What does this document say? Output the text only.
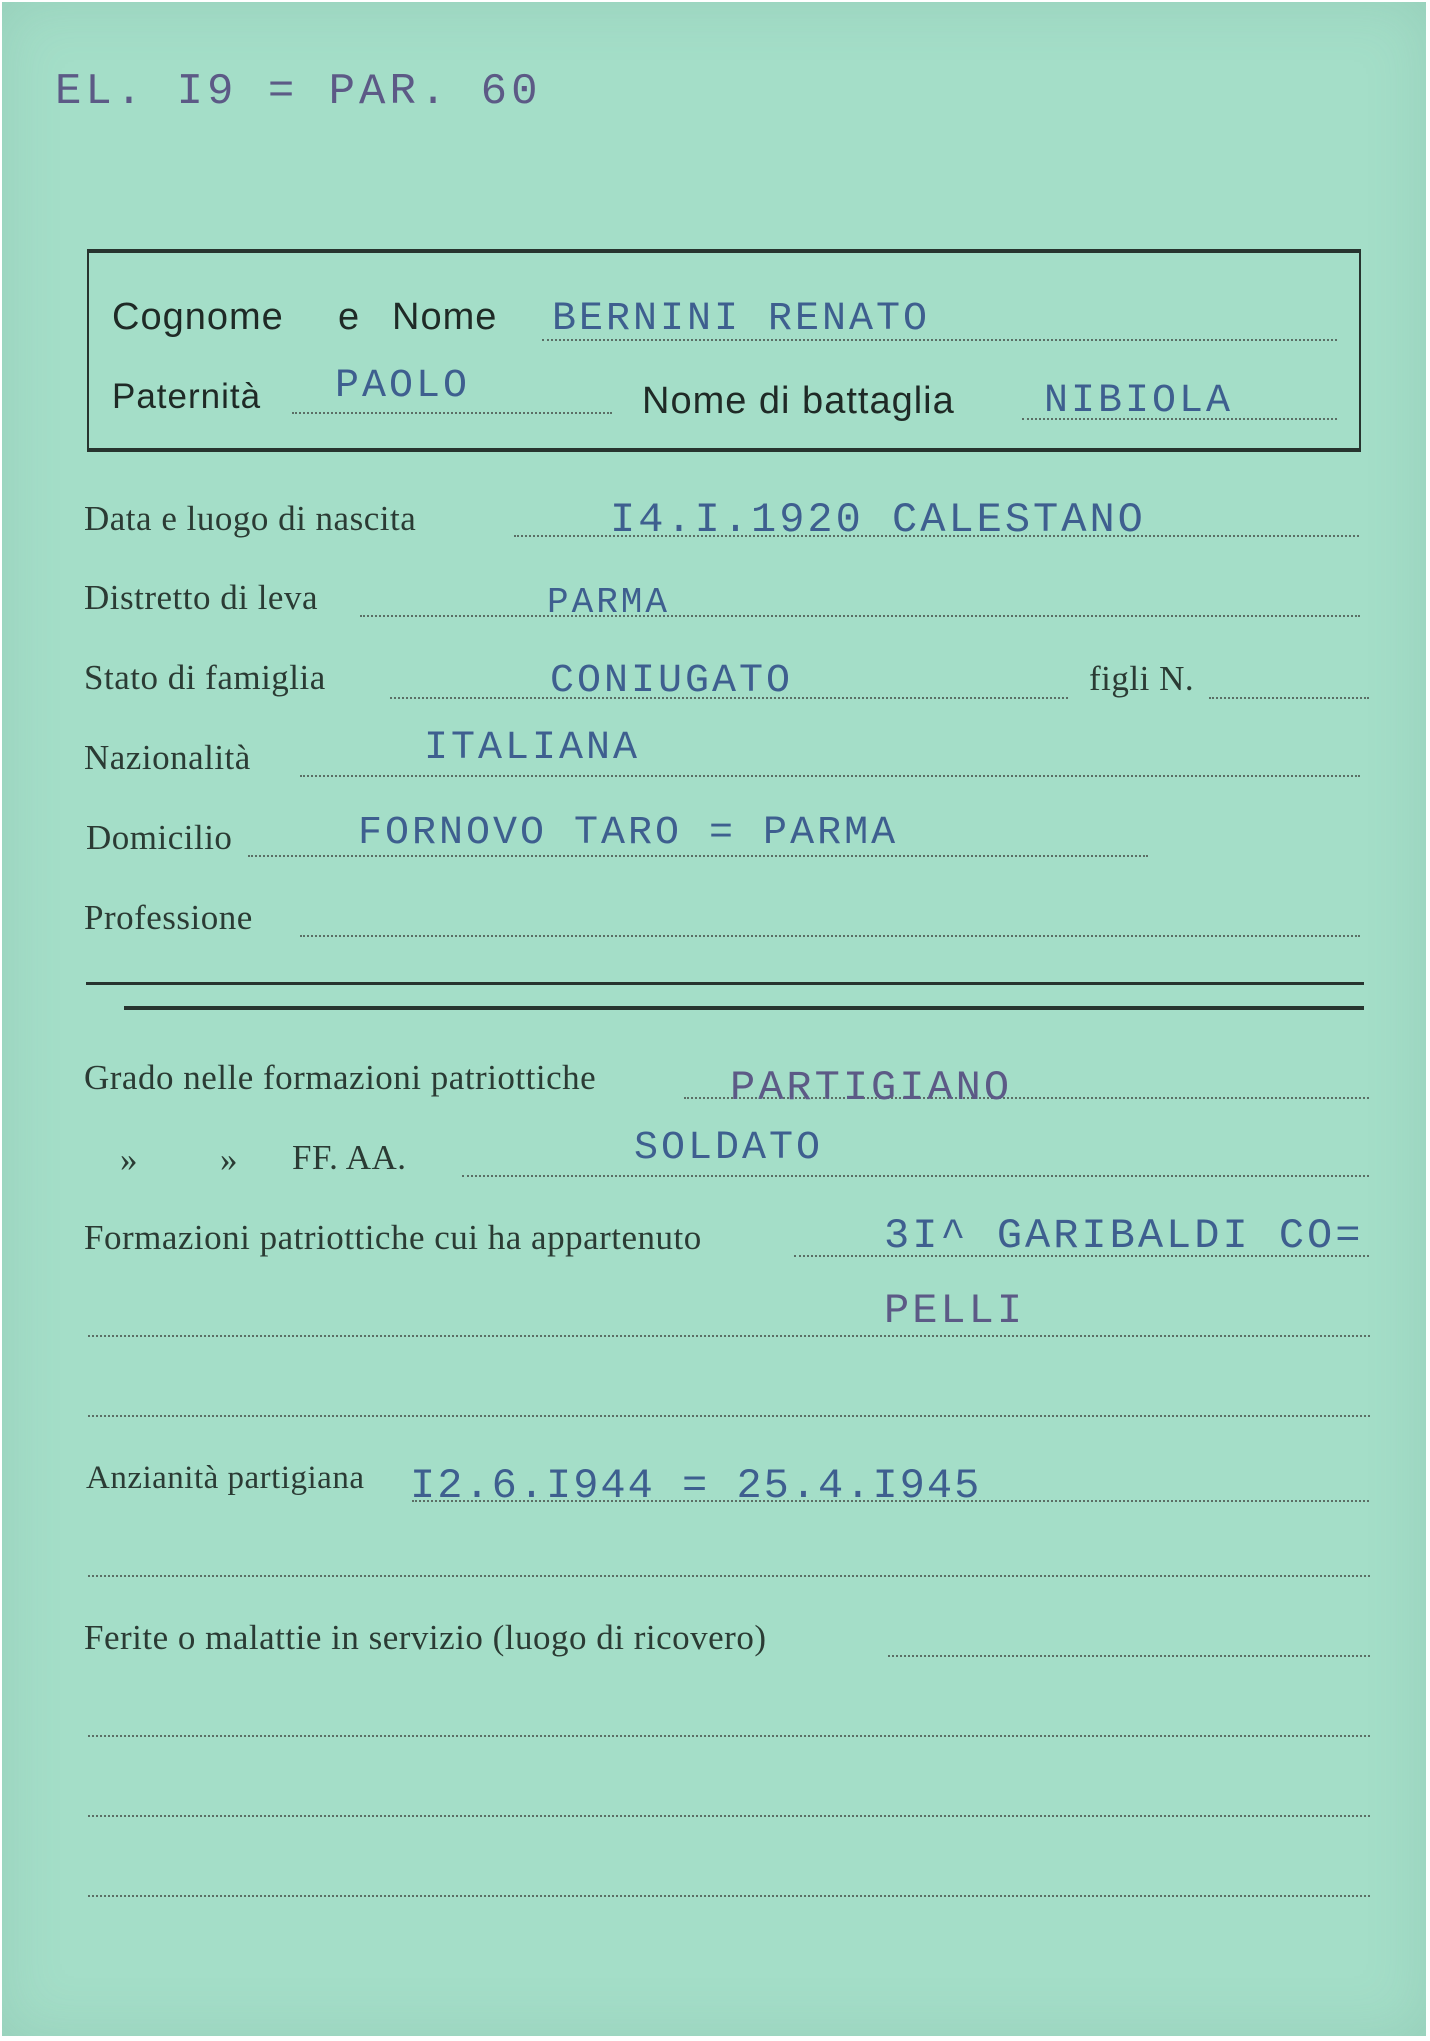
EL. I9 = PAR. 60
Cognome e Nome BERNINI RENATO
Paternità PAOLO	Nome di battaglia NIBIOLA
Data e luogo di nascita	I4.I.1920 CALESTANO
Distretto di leva	PARMA
Stato di famiglia	CONIUGATO	figli N.
Nazionalità	ITALIANA
Domicilio	FORNOVO TARO = PARMA
Professione
Grado nelle formazioni patriottiche	PARTIGIANO
» » FF. AA.	SOLDATO
Formazioni patriottiche cui ha appartenuto	3I^ GARIBALDI CO=
PELLI
Anzianità partigiana I2.6.I944 = 25.4.I945
Ferite o malattie in servizio (luogo di ricovero)
